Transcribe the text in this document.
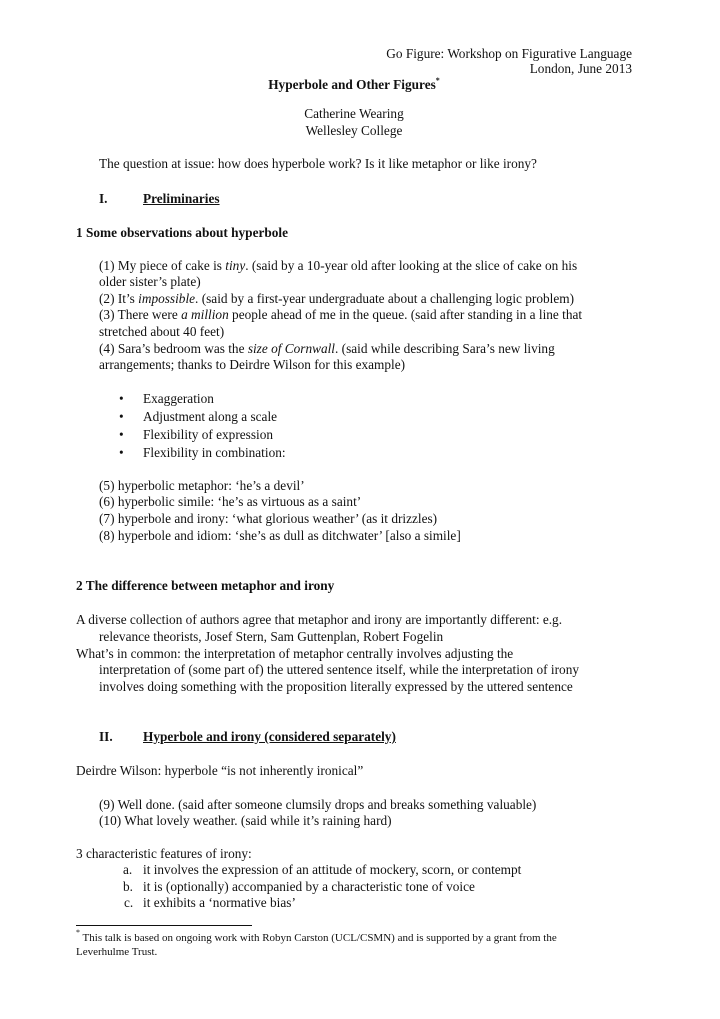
Go Figure: Workshop on Figurative Language
London, June 2013
Hyperbole and Other Figures*
Catherine Wearing
Wellesley College
The question at issue: how does hyperbole work? Is it like metaphor or like irony?
I.	Preliminaries
1 Some observations about hyperbole
(1) My piece of cake is tiny. (said by a 10-year old after looking at the slice of cake on his
older sister’s plate)
(2) It’s impossible. (said by a first-year undergraduate about a challenging logic problem)
(3) There were a million people ahead of me in the queue. (said after standing in a line that
stretched about 40 feet)
(4) Sara’s bedroom was the size of Cornwall. (said while describing Sara’s new living
arrangements; thanks to Deirdre Wilson for this example)
• Exaggeration
• Adjustment along a scale
• Flexibility of expression
• Flexibility in combination:
(5) hyperbolic metaphor: ‘he’s a devil’
(6) hyperbolic simile: ‘he’s as virtuous as a saint’
(7) hyperbole and irony: ‘what glorious weather’ (as it drizzles)
(8) hyperbole and idiom: ‘she’s as dull as ditchwater’ [also a simile]
2 The difference between metaphor and irony
A diverse collection of authors agree that metaphor and irony are importantly different: e.g.
relevance theorists, Josef Stern, Sam Guttenplan, Robert Fogelin
What’s in common: the interpretation of metaphor centrally involves adjusting the
interpretation of (some part of) the uttered sentence itself, while the interpretation of irony
involves doing something with the proposition literally expressed by the uttered sentence
II. Hyperbole and irony (considered separately)
Deirdre Wilson: hyperbole “is not inherently ironical”
(9) Well done. (said after someone clumsily drops and breaks something valuable)
(10) What lovely weather. (said while it’s raining hard)
3 characteristic features of irony:
a. it involves the expression of an attitude of mockery, scorn, or contempt
b. it is (optionally) accompanied by a characteristic tone of voice
c. it exhibits a ‘normative bias’
* This talk is based on ongoing work with Robyn Carston (UCL/CSMN) and is supported by a grant from the
Leverhulme Trust.
